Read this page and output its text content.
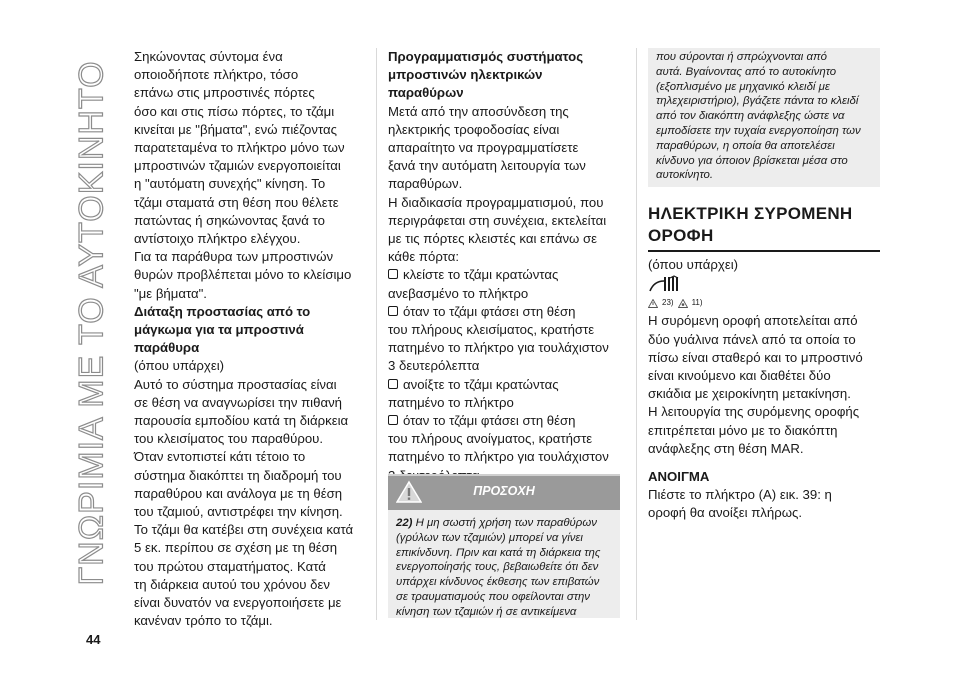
ΓΝΩΡΙΜΙΑ ΜΕ ΤΟ ΑΥΤΟΚΙΝΗΤΟ

Σηκώνοντας σύντομα ένα

οποιοδήποτε πλήκτρο, τόσο

επάνω στις μπροστινές πόρτες

όσο και στις πίσω πόρτες, το τζάμι

κινείται με "βήματα", ενώ πιέζοντας

παρατεταμένα το πλήκτρο μόνο των

μπροστινών τζαμιών ενεργοποιείται

η "αυτόματη συνεχής" κίνηση. Το

τζάμι σταματά στη θέση που θέλετε

πατώντας ή σηκώνοντας ξανά το

αντίστοιχο πλήκτρο ελέγχου.

Για τα παράθυρα των μπροστινών

θυρών προβλέπεται μόνο το κλείσιμο

"με βήματα".

Διάταξη προστασίας από το

μάγκωμα για τα μπροστινά

παράθυρα

(όπου υπάρχει)

Αυτό το σύστημα προστασίας είναι

σε θέση να αναγνωρίσει την πιθανή

παρουσία εμποδίου κατά τη διάρκεια

του κλεισίματος του παραθύρου.

Όταν εντοπιστεί κάτι τέτοιο το

σύστημα διακόπτει τη διαδρομή του

παραθύρου και ανάλογα με τη θέση

του τζαμιού, αντιστρέφει την κίνηση.

Το τζάμι θα κατέβει στη συνέχεια κατά

5 εκ. περίπου σε σχέση με τη θέση

του πρώτου σταματήματος. Κατά

τη διάρκεια αυτού του χρόνου δεν

είναι δυνατόν να ενεργοποιήσετε με

κανέναν τρόπο το τζάμι.

Προγραμματισμός συστήματος

μπροστινών ηλεκτρικών

παραθύρων

Μετά από την αποσύνδεση της

ηλεκτρικής τροφοδοσίας είναι

απαραίτητο να προγραμματίσετε

ξανά την αυτόματη λειτουργία των

παραθύρων.

Η διαδικασία προγραμματισμού, που

περιγράφεται στη συνέχεια, εκτελείται

με τις πόρτες κλειστές και επάνω σε

κάθε πόρτα:

κλείστε το τζάμι κρατώντας

ανεβασμένο το πλήκτρο

όταν το τζάμι φτάσει στη θέση

του πλήρους κλεισίματος, κρατήστε

πατημένο το πλήκτρο για τουλάχιστον

3 δευτερόλεπτα

ανοίξτε το τζάμι κρατώντας

πατημένο το πλήκτρο

όταν το τζάμι φτάσει στη θέση

του πλήρους ανοίγματος, κρατήστε

πατημένο το πλήκτρο για τουλάχιστον

ΠΡΟΣΟΧΗ

22) Η μη σωστή χρήση των παραθύρων

(γρύλων των τζαμιών) μπορεί να γίνει

επικίνδυνη. Πριν και κατά τη διάρκεια της

ενεργοποίησής τους, βεβαιωθείτε ότι δεν

υπάρχει κίνδυνος έκθεσης των επιβατών

σε τραυματισμούς που οφείλονται στην

κίνηση των τζαμιών ή σε αντικείμενα

που σύρονται ή σπρώχνονται από

αυτά. Βγαίνοντας από το αυτοκίνητο

(εξοπλισμένο με μηχανικό κλειδί με

τηλεχειριστήριο), βγάζετε πάντα το κλειδί

από τον διακόπτη ανάφλεξης ώστε να

εμποδίσετε την τυχαία ενεργοποίηση των

παραθύρων, η οποία θα αποτελέσει

κίνδυνο για όποιον βρίσκεται μέσα στο

αυτοκίνητο.

ΗΛΕΚΤΡΙΚΗ ΣΥΡΟΜΕΝΗ

ΟΡΟΦΗ

(όπου υπάρχει)

23) 11)

Η συρόμενη οροφή αποτελείται από

δύο γυάλινα πάνελ από τα οποία το

πίσω είναι σταθερό και το μπροστινό

είναι κινούμενο και διαθέτει δύο

σκιάδια με χειροκίνητη μετακίνηση.

Η λειτουργία της συρόμενης οροφής

επιτρέπεται μόνο με το διακόπτη

ανάφλεξης στη θέση MAR.

ΑΝΟΙΓΜΑ

Πιέστε το πλήκτρο (A) εικ. 39: η

οροφή θα ανοίξει πλήρως.

44
